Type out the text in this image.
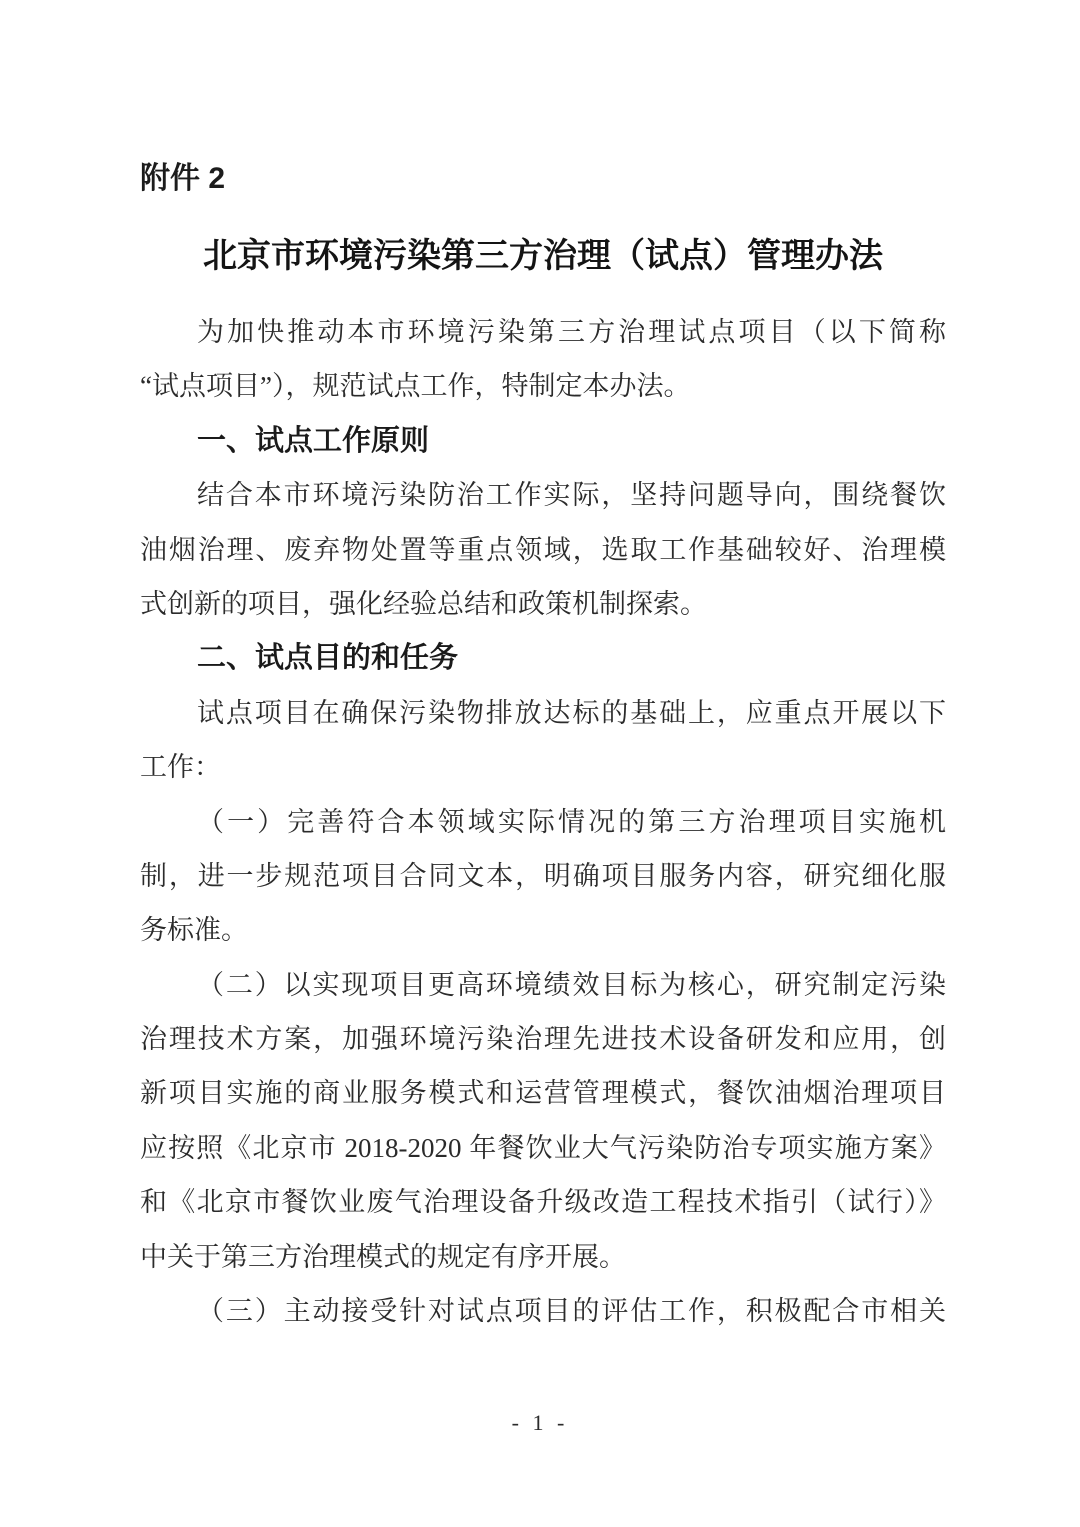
附件 2
北京市环境污染第三方治理（试点）管理办法
为加快推动本市环境污染第三方治理试点项目（以下简称
“试点项目”），规范试点工作，特制定本办法。
一、试点工作原则
结合本市环境污染防治工作实际，坚持问题导向，围绕餐饮
油烟治理、废弃物处置等重点领域，选取工作基础较好、治理模
式创新的项目，强化经验总结和政策机制探索。
二、试点目的和任务
试点项目在确保污染物排放达标的基础上，应重点开展以下
工作：
（一）完善符合本领域实际情况的第三方治理项目实施机
制，进一步规范项目合同文本，明确项目服务内容，研究细化服
务标准。
（二）以实现项目更高环境绩效目标为核心，研究制定污染
治理技术方案，加强环境污染治理先进技术设备研发和应用，创
新项目实施的商业服务模式和运营管理模式，餐饮油烟治理项目
应按照《北京市 2018-2020 年餐饮业大气污染防治专项实施方案》
和《北京市餐饮业废气治理设备升级改造工程技术指引（试行）》
中关于第三方治理模式的规定有序开展。
（三）主动接受针对试点项目的评估工作，积极配合市相关
- 1 -
